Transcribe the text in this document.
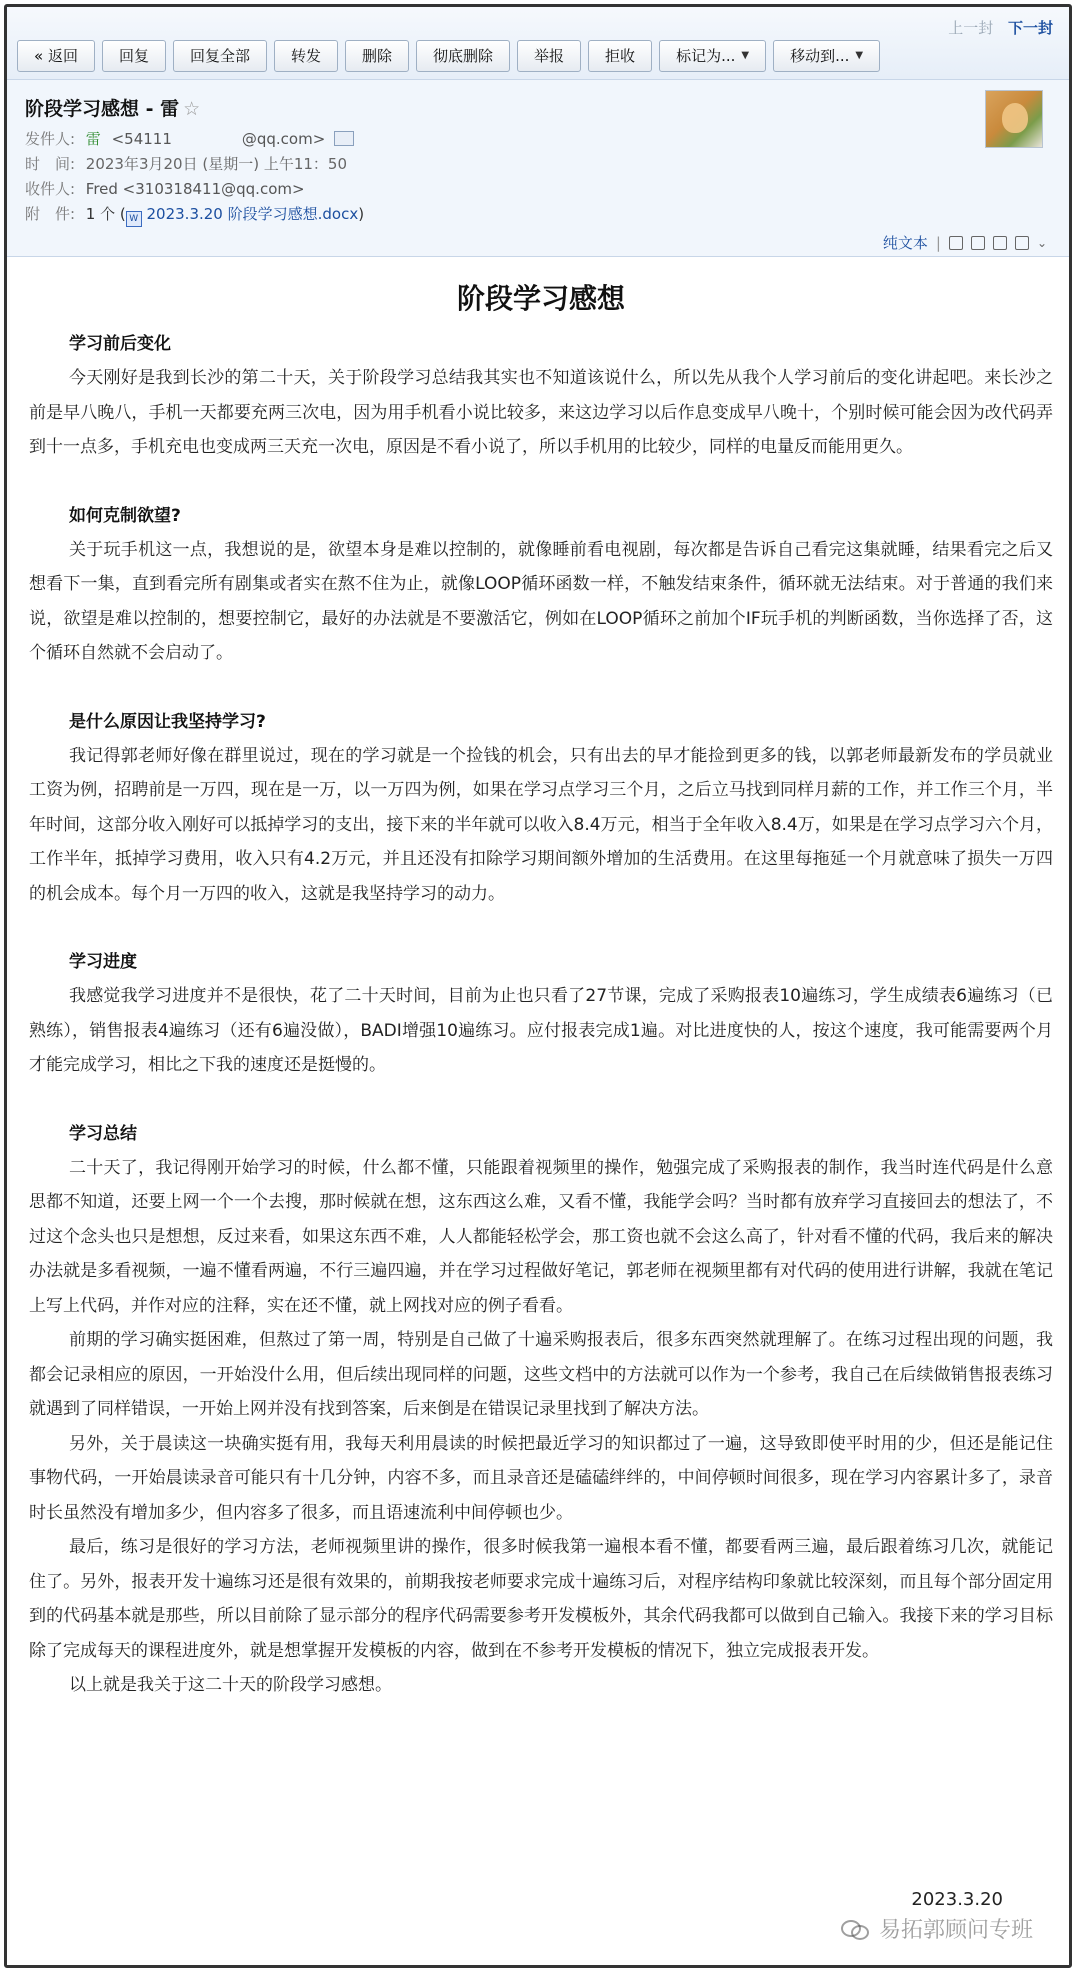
上一封 下一封
« 返回	回复	回复全部	转发	删除	彻底删除	举报	拒收	标记为... ▼	移动到... ▼
阶段学习感想 - 雷 ☆
发件人: 雷 <54111	@qq.com>
时　间: 2023年3月20日 (星期一) 上午11：50
收件人: Fred <310318411@qq.com>
附　件: 1 个 ( W 2023.3.20 阶段学习感想.docx)
纯文本 |	⌄
阶段学习感想
学习前后变化

今天刚好是我到长沙的第二十天，关于阶段学习总结我其实也不知道该说什么，所以先从我个人学习前后的变化讲起吧。来长沙之前是早八晚八，手机一天都要充两三次电，因为用手机看小说比较多，来这边学习以后作息变成早八晚十，个别时候可能会因为改代码弄到十一点多，手机充电也变成两三天充一次电，原因是不看小说了，所以手机用的比较少，同样的电量反而能用更久。

如何克制欲望?

关于玩手机这一点，我想说的是，欲望本身是难以控制的，就像睡前看电视剧，每次都是告诉自己看完这集就睡，结果看完之后又想看下一集，直到看完所有剧集或者实在熬不住为止，就像LOOP循环函数一样，不触发结束条件，循环就无法结束。对于普通的我们来说，欲望是难以控制的，想要控制它，最好的办法就是不要激活它，例如在LOOP循环之前加个IF玩手机的判断函数，当你选择了否，这个循环自然就不会启动了。

是什么原因让我坚持学习?

我记得郭老师好像在群里说过，现在的学习就是一个捡钱的机会，只有出去的早才能捡到更多的钱，以郭老师最新发布的学员就业工资为例，招聘前是一万四，现在是一万，以一万四为例，如果在学习点学习三个月，之后立马找到同样月薪的工作，并工作三个月，半年时间，这部分收入刚好可以抵掉学习的支出，接下来的半年就可以收入8.4万元，相当于全年收入8.4万，如果是在学习点学习六个月，工作半年，抵掉学习费用，收入只有4.2万元，并且还没有扣除学习期间额外增加的生活费用。在这里每拖延一个月就意味了损失一万四的机会成本。每个月一万四的收入，这就是我坚持学习的动力。

学习进度

我感觉我学习进度并不是很快，花了二十天时间，目前为止也只看了27节课，完成了采购报表10遍练习，学生成绩表6遍练习（已熟练），销售报表4遍练习（还有6遍没做），BADI增强10遍练习。应付报表完成1遍。对比进度快的人，按这个速度，我可能需要两个月才能完成学习，相比之下我的速度还是挺慢的。

学习总结

二十天了，我记得刚开始学习的时候，什么都不懂，只能跟着视频里的操作，勉强完成了采购报表的制作，我当时连代码是什么意思都不知道，还要上网一个一个去搜，那时候就在想，这东西这么难，又看不懂，我能学会吗？当时都有放弃学习直接回去的想法了，不过这个念头也只是想想，反过来看，如果这东西不难，人人都能轻松学会，那工资也就不会这么高了，针对看不懂的代码，我后来的解决办法就是多看视频，一遍不懂看两遍，不行三遍四遍，并在学习过程做好笔记，郭老师在视频里都有对代码的使用进行讲解，我就在笔记上写上代码，并作对应的注释，实在还不懂，就上网找对应的例子看看。

前期的学习确实挺困难，但熬过了第一周，特别是自己做了十遍采购报表后，很多东西突然就理解了。在练习过程出现的问题，我都会记录相应的原因，一开始没什么用，但后续出现同样的问题，这些文档中的方法就可以作为一个参考，我自己在后续做销售报表练习就遇到了同样错误，一开始上网并没有找到答案，后来倒是在错误记录里找到了解决方法。

另外，关于晨读这一块确实挺有用，我每天利用晨读的时候把最近学习的知识都过了一遍，这导致即使平时用的少，但还是能记住事物代码，一开始晨读录音可能只有十几分钟，内容不多，而且录音还是磕磕绊绊的，中间停顿时间很多，现在学习内容累计多了，录音时长虽然没有增加多少，但内容多了很多，而且语速流利中间停顿也少。

最后，练习是很好的学习方法，老师视频里讲的操作，很多时候我第一遍根本看不懂，都要看两三遍，最后跟着练习几次，就能记住了。另外，报表开发十遍练习还是很有效果的，前期我按老师要求完成十遍练习后，对程序结构印象就比较深刻，而且每个部分固定用到的代码基本就是那些，所以目前除了显示部分的程序代码需要参考开发模板外，其余代码我都可以做到自己输入。我接下来的学习目标除了完成每天的课程进度外，就是想掌握开发模板的内容，做到在不参考开发模板的情况下，独立完成报表开发。

以上就是我关于这二十天的阶段学习感想。

2023.3.20
易拓郭顾问专班
